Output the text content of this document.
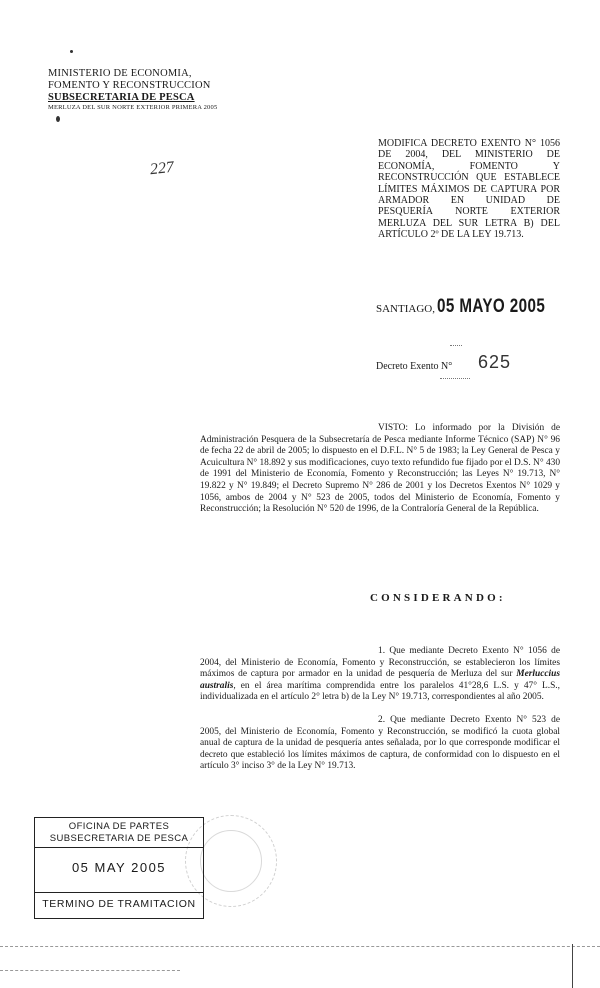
MINISTERIO DE ECONOMIA,
FOMENTO Y RECONSTRUCCION
SUBSECRETARIA DE PESCA
MERLUZA DEL SUR NORTE EXTERIOR PRIMERA 2005
227
MODIFICA DECRETO EXENTO N° 1056 DE 2004, DEL MINISTERIO DE ECONOMÍA, FOMENTO Y RECONSTRUCCIÓN QUE ESTABLECE LÍMITES MÁXIMOS DE CAPTURA POR ARMADOR EN UNIDAD DE PESQUERÍA NORTE EXTERIOR MERLUZA DEL SUR LETRA B) DEL ARTÍCULO 2º DE LA LEY 19.713.
SANTIAGO, 05 MAYO 2005
Decreto Exento N° 625
VISTO: Lo informado por la División de Administración Pesquera de la Subsecretaría de Pesca mediante Informe Técnico (SAP) N° 96 de fecha 22 de abril de 2005; lo dispuesto en el D.F.L. N° 5 de 1983; la Ley General de Pesca y Acuicultura N° 18.892 y sus modificaciones, cuyo texto refundido fue fijado por el D.S. N° 430 de 1991 del Ministerio de Economía, Fomento y Reconstrucción; las Leyes N° 19.713, N° 19.822 y N° 19.849; el Decreto Supremo N° 286 de 2001 y los Decretos Exentos N° 1029 y 1056, ambos de 2004 y N° 523 de 2005, todos del Ministerio de Economía, Fomento y Reconstrucción; la Resolución N° 520 de 1996, de la Contraloría General de la República.
CONSIDERANDO:
1. Que mediante Decreto Exento N° 1056 de 2004, del Ministerio de Economía, Fomento y Reconstrucción, se establecieron los límites máximos de captura por armador en la unidad de pesquería de Merluza del sur Merluccius australis, en el área marítima comprendida entre los paralelos 41°28,6 L.S. y 47° L.S., individualizada en el artículo 2° letra b) de la Ley N° 19.713, correspondientes al año 2005.
2. Que mediante Decreto Exento N° 523 de 2005, del Ministerio de Economía, Fomento y Reconstrucción, se modificó la cuota global anual de captura de la unidad de pesquería antes señalada, por lo que corresponde modificar el decreto que estableció los límites máximos de captura, de conformidad con lo dispuesto en el artículo 3° inciso 3° de la Ley N° 19.713.
OFICINA DE PARTES
SUBSECRETARIA DE PESCA
05 MAY 2005
TERMINO DE TRAMITACION
